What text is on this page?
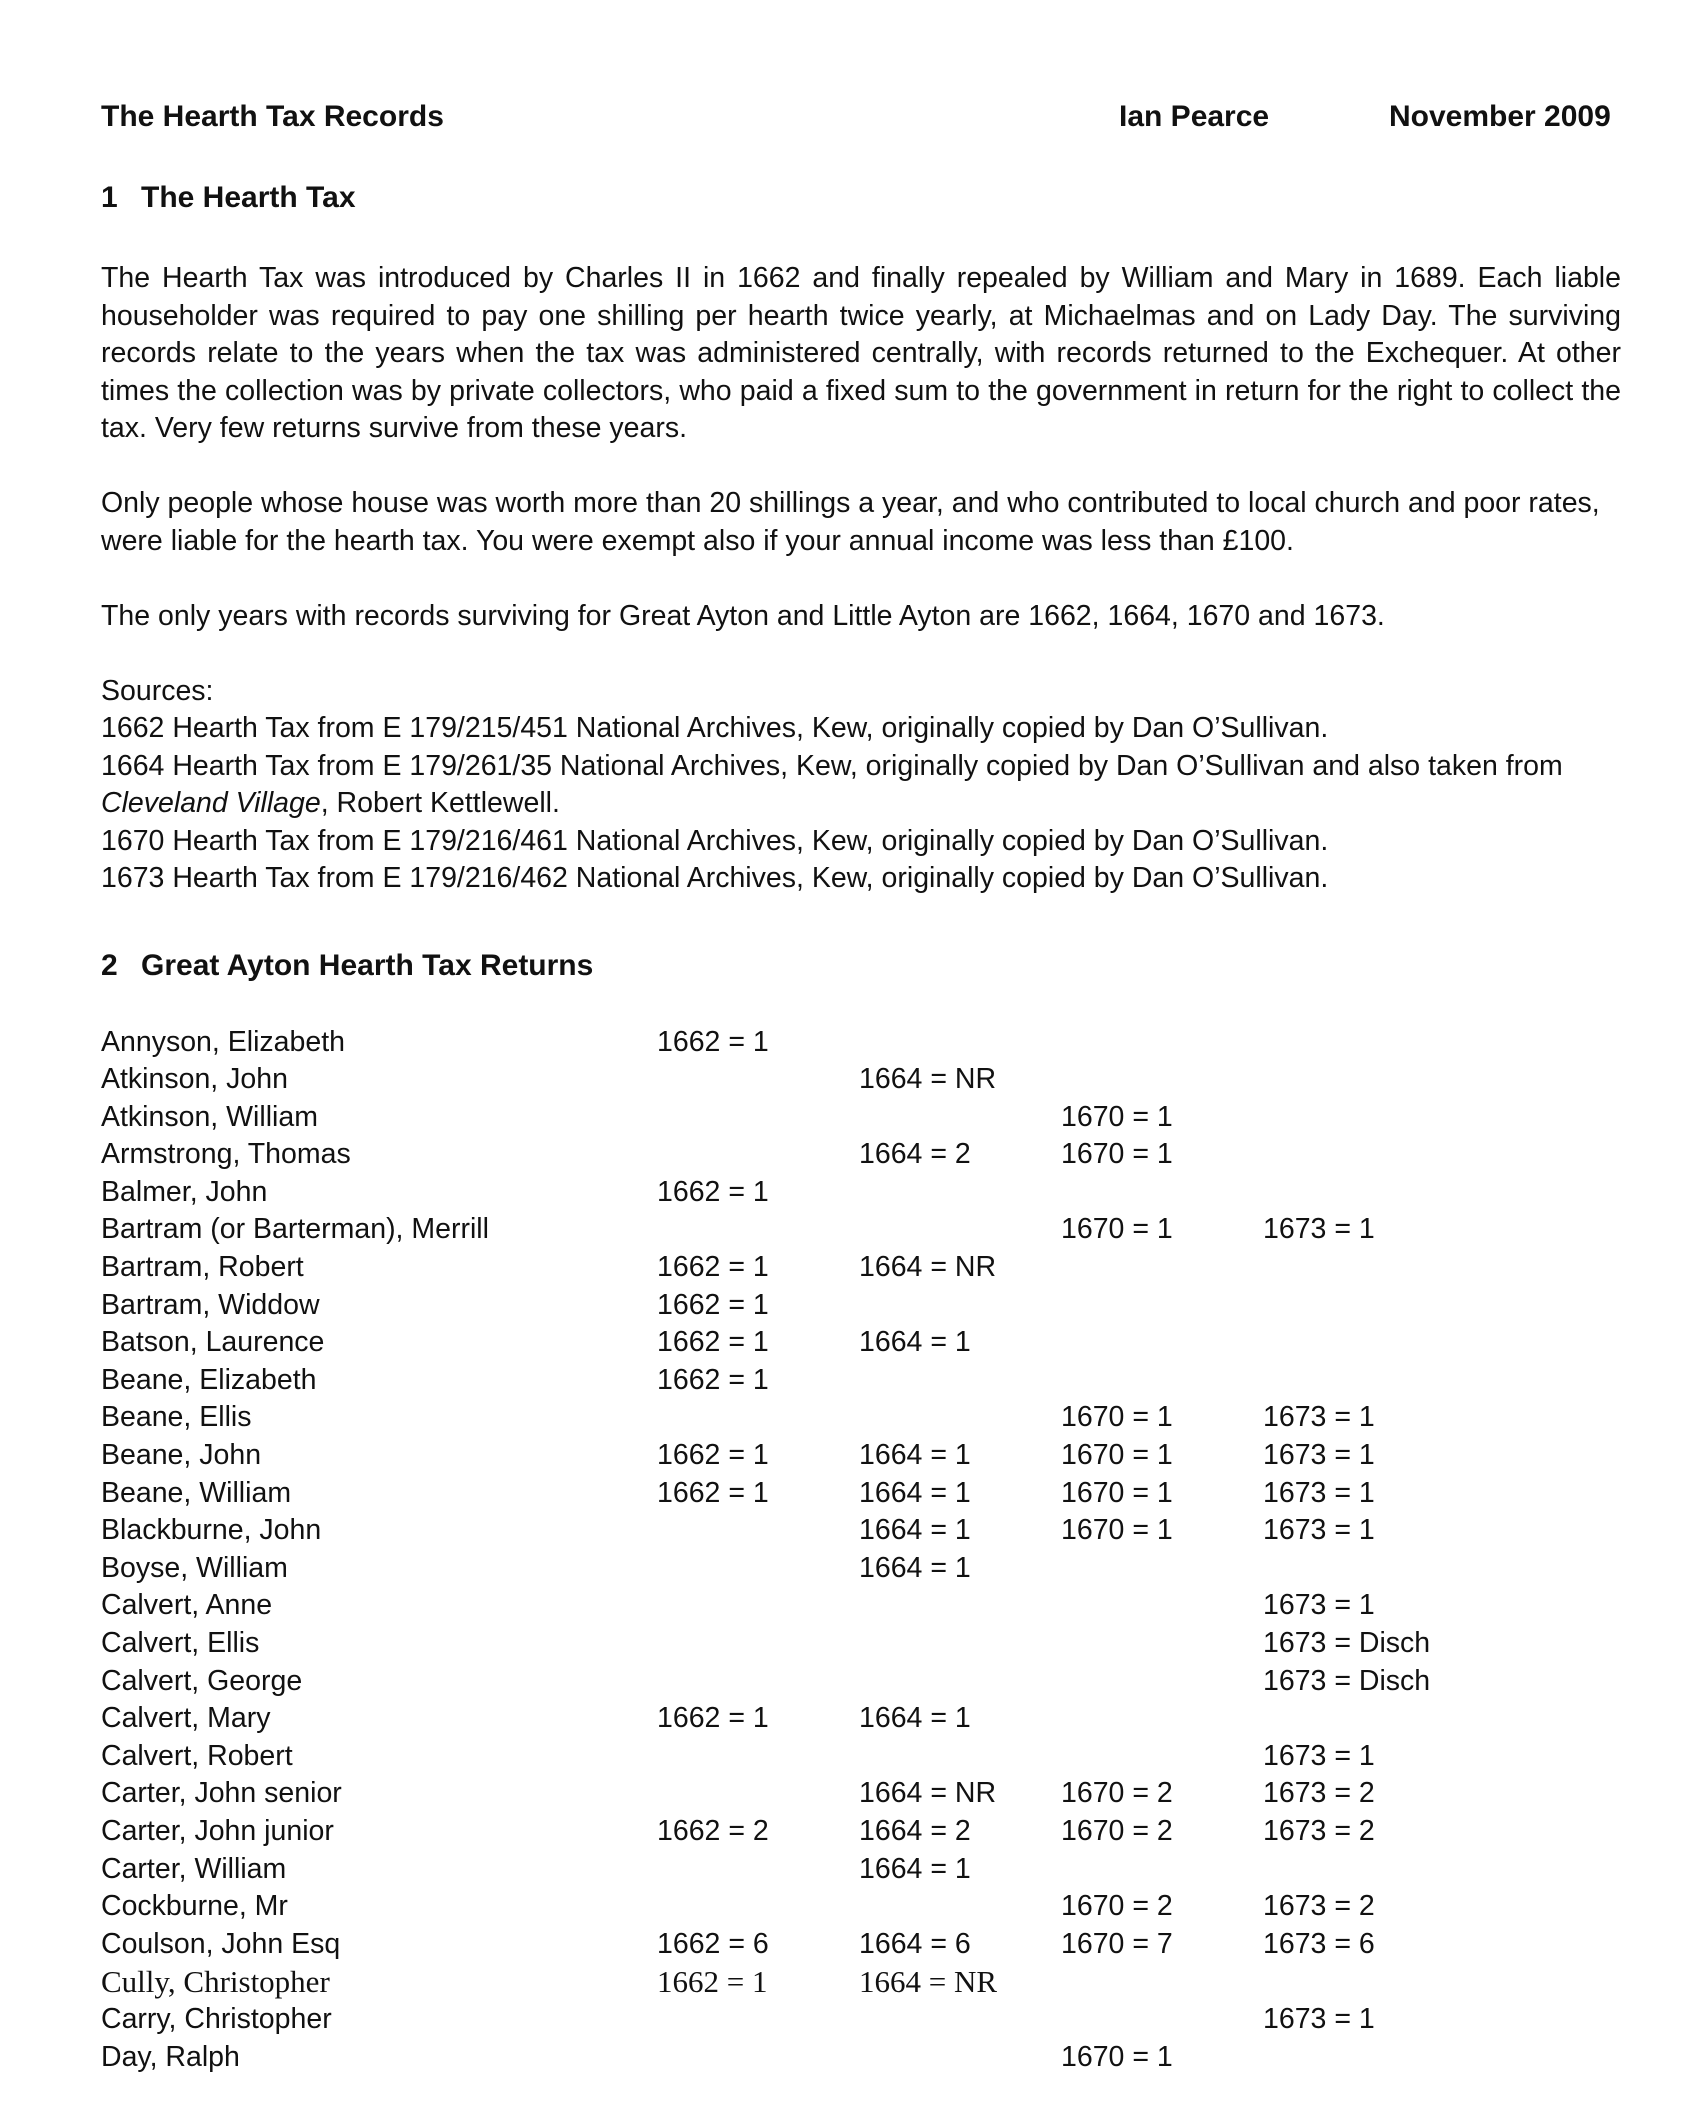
The Hearth Tax Records	Ian Pearce	November 2009
1 The Hearth Tax

The Hearth Tax was introduced by Charles II in 1662 and finally repealed by William and Mary in 1689. Each liable householder was required to pay one shilling per hearth twice yearly, at Michaelmas and on Lady Day. The surviving records relate to the years when the tax was administered centrally, with records returned to the Exchequer. At other times the collection was by private collectors, who paid a fixed sum to the government in return for the right to collect the tax. Very few returns survive from these years.

Only people whose house was worth more than 20 shillings a year, and who contributed to local church and poor rates, were liable for the hearth tax. You were exempt also if your annual income was less than £100.

The only years with records surviving for Great Ayton and Little Ayton are 1662, 1664, 1670 and 1673.

Sources:

1662 Hearth Tax from E 179/215/451 National Archives, Kew, originally copied by Dan O’Sullivan.

1664 Hearth Tax from E 179/261/35 National Archives, Kew, originally copied by Dan O’Sullivan and also taken from
Cleveland Village, Robert Kettlewell.

1670 Hearth Tax from E 179/216/461 National Archives, Kew, originally copied by Dan O’Sullivan.

1673 Hearth Tax from E 179/216/462 National Archives, Kew, originally copied by Dan O’Sullivan.

2 Great Ayton Hearth Tax Returns
Annyson, Elizabeth	1662 = 1			
Atkinson, John		1664 = NR		
Atkinson, William			1670 = 1	
Armstrong, Thomas		1664 = 2	1670 = 1	
Balmer, John	1662 = 1			
Bartram (or Barterman), Merrill			1670 = 1	1673 = 1
Bartram, Robert	1662 = 1	1664 = NR		
Bartram, Widdow	1662 = 1			
Batson, Laurence	1662 = 1	1664 = 1		
Beane, Elizabeth	1662 = 1			
Beane, Ellis			1670 = 1	1673 = 1
Beane, John	1662 = 1	1664 = 1	1670 = 1	1673 = 1
Beane, William	1662 = 1	1664 = 1	1670 = 1	1673 = 1
Blackburne, John		1664 = 1	1670 = 1	1673 = 1
Boyse, William		1664 = 1		
Calvert, Anne				1673 = 1
Calvert, Ellis				1673 = Disch
Calvert, George				1673 = Disch
Calvert, Mary	1662 = 1	1664 = 1		
Calvert, Robert				1673 = 1
Carter, John senior		1664 = NR	1670 = 2	1673 = 2
Carter, John junior	1662 = 2	1664 = 2	1670 = 2	1673 = 2
Carter, William		1664 = 1		
Cockburne, Mr			1670 = 2	1673 = 2
Coulson, John Esq	1662 = 6	1664 = 6	1670 = 7	1673 = 6
Cully, Christopher	1662 = 1	1664 = NR		
Carry, Christopher				1673 = 1
Day, Ralph			1670 = 1	
